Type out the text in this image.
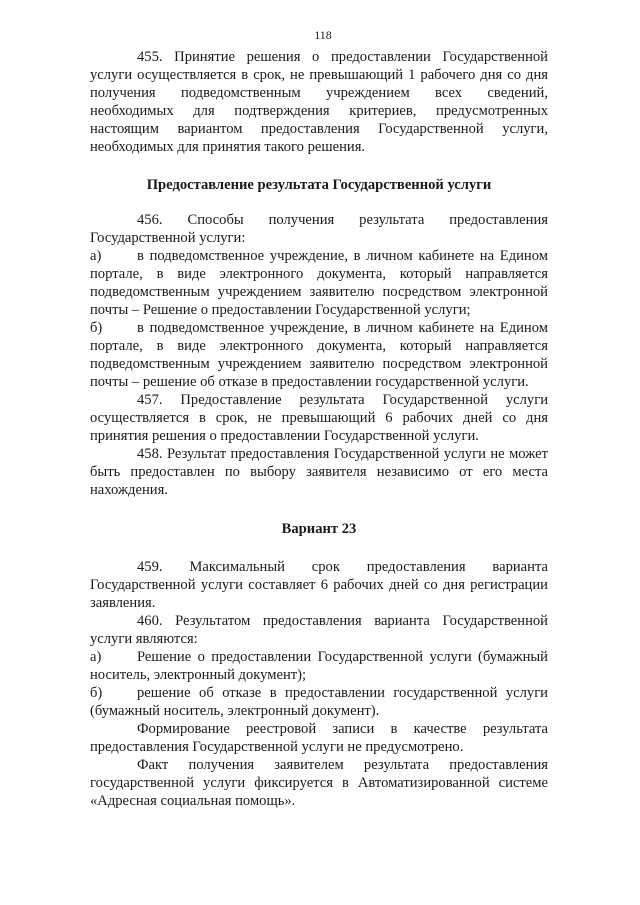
118

455. Принятие решения о предоставлении Государственной услуги осуществляется в срок, не превышающий 1 рабочего дня со дня получения подведомственным учреждением всех сведений, необходимых для подтверждения критериев, предусмотренных настоящим вариантом предоставления Государственной услуги, необходимых для принятия такого решения.

Предоставление результата Государственной услуги

456. Способы получения результата предоставления Государственной услуги:

а) в подведомственное учреждение, в личном кабинете на Едином портале, в виде электронного документа, который направляется подведомственным учреждением заявителю посредством электронной почты – Решение о предоставлении Государственной услуги;

б) в подведомственное учреждение, в личном кабинете на Едином портале, в виде электронного документа, который направляется подведомственным учреждением заявителю посредством электронной почты – решение об отказе в предоставлении государственной услуги.

457. Предоставление результата Государственной услуги осуществляется в срок, не превышающий 6 рабочих дней со дня принятия решения о предоставлении Государственной услуги.

458. Результат предоставления Государственной услуги не может быть предоставлен по выбору заявителя независимо от его места нахождения.

Вариант 23

459. Максимальный срок предоставления варианта Государственной услуги составляет 6 рабочих дней со дня регистрации заявления.

460. Результатом предоставления варианта Государственной услуги являются:

а) Решение о предоставлении Государственной услуги (бумажный носитель, электронный документ);

б) решение об отказе в предоставлении государственной услуги (бумажный носитель, электронный документ).

Формирование реестровой записи в качестве результата предоставления Государственной услуги не предусмотрено.

Факт получения заявителем результата предоставления государственной услуги фиксируется в Автоматизированной системе «Адресная социальная помощь».
